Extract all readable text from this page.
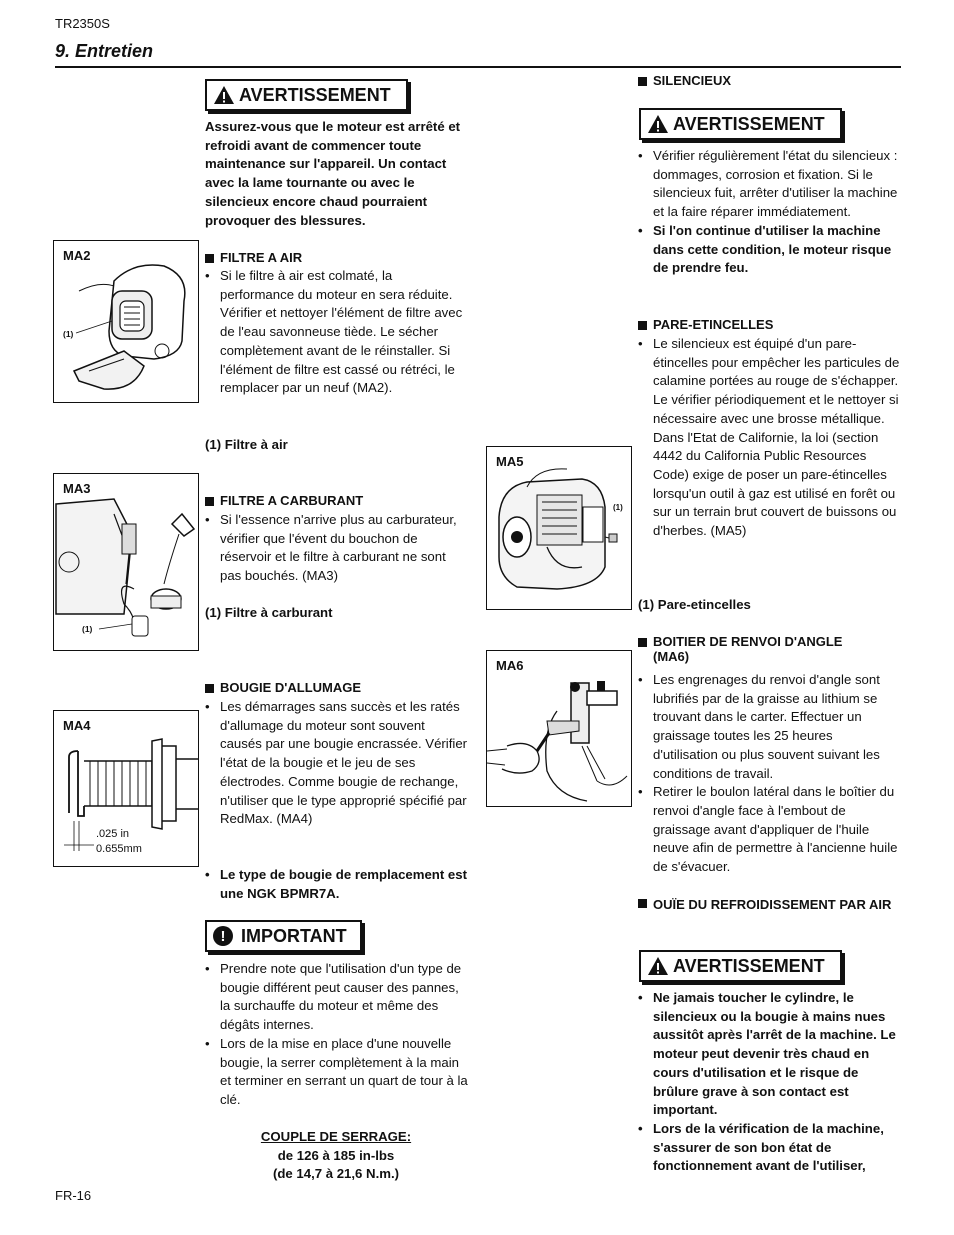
TR2350S
9. Entretien
AVERTISSEMENT
Assurez-vous que le moteur est arrêté et refroidi avant de commencer toute maintenance sur l'appareil. Un contact avec la lame tournante ou avec le silencieux encore chaud pourraient provoquer des blessures.
MA2
(1)
FILTRE A AIR
• Si le filtre à air est colmaté, la performance du moteur en sera réduite. Vérifier et nettoyer l'élément de filtre avec de l'eau savonneuse tiède. Le sécher complètement avant de le réinstaller. Si l'élément de filtre est cassé ou rétréci, le remplacer par un neuf (MA2).
(1) Filtre à air
MA3
(1)
FILTRE A CARBURANT
• Si l'essence n'arrive plus au carburateur, vérifier que l'évent du bouchon de réservoir et le filtre à carburant ne sont pas bouchés. (MA3)
(1) Filtre à carburant
BOUGIE D'ALLUMAGE
• Les démarrages sans succès et les ratés d'allumage du moteur sont souvent causés par une bougie encrassée. Vérifier l'état de la bougie et le jeu de ses électrodes. Comme bougie de rechange, n'utiliser que le type approprié spécifié par RedMax. (MA4)
• Le type de bougie de remplacement est une NGK BPMR7A.
MA4
.025 in
0.655mm
! IMPORTANT
• Prendre note que l'utilisation d'un type de bougie différent peut causer des pannes, la surchauffe du moteur et même des dégâts internes.
• Lors de la mise en place d'une nouvelle bougie, la serrer complètement à la main et terminer en serrant un quart de tour à la clé.
COUPLE DE SERRAGE:
de 126 à 185 in-lbs
(de 14,7 à 21,6 N.m.)
SILENCIEUX
AVERTISSEMENT
• Vérifier régulièrement l'état du silencieux : dommages, corrosion et fixation. Si le silencieux fuit, arrêter d'utiliser la machine et la faire réparer immédiatement.
• Si l'on continue d'utiliser la machine dans cette condition, le moteur risque de prendre feu.
PARE-ETINCELLES
• Le silencieux est équipé d'un pare-étincelles pour empêcher les particules de calamine portées au rouge de s'échapper. Le vérifier périodiquement et le nettoyer si nécessaire avec une brosse métallique.
Dans l'Etat de Californie, la loi (section 4442 du California Public Resources Code) exige de poser un pare-étincelles lorsqu'un outil à gaz est utilisé en forêt ou sur un terrain brut couvert de buissons ou d'herbes. (MA5)
(1) Pare-etincelles
MA5
(1)
BOITIER DE RENVOI D'ANGLE
(MA6)
• Les engrenages du renvoi d'angle sont lubrifiés par de la graisse au lithium se trouvant dans le carter. Effectuer un graissage toutes les 25 heures d'utilisation ou plus souvent suivant les conditions de travail.
• Retirer le boulon latéral dans le boîtier du renvoi d'angle face à l'embout de graissage avant d'appliquer de l'huile neuve afin de permettre à l'ancienne huile de s'évacuer.
MA6
OUÏE DU REFROIDISSEMENT PAR AIR
AVERTISSEMENT
• Ne jamais toucher le cylindre, le silencieux ou la bougie à mains nues aussitôt après l'arrêt de la machine. Le moteur peut devenir très chaud en cours d'utilisation et le risque de brûlure grave à son contact est important.
• Lors de la vérification de la machine, s'assurer de son bon état de fonctionnement avant de l'utiliser,
FR-16
